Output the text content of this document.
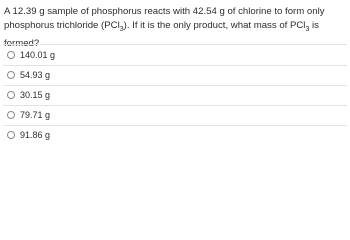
A 12.39 g sample of phosphorus reacts with 42.54 g of chlorine to form only phosphorus trichloride (PCl$_3$). If it is the only product, what mass of PCl$_3$ is
140.01 g
54.93 g
30.15 g
79.71 g
91.86 g
